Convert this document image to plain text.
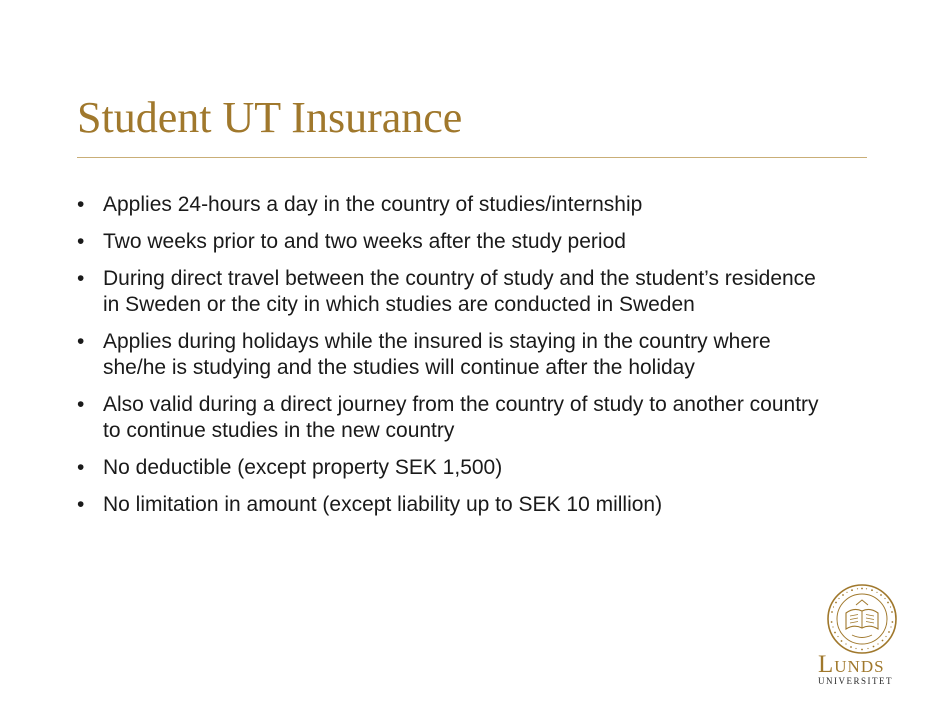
Student UT Insurance
• Applies 24-hours a day in the country of studies/internship
• Two weeks prior to and two weeks after the study period
• During direct travel between the country of study and the student’s residence in Sweden or the city in which studies are conducted in Sweden
• Applies during holidays while the insured is staying in the country where she/he is studying and the studies will continue after the holiday
• Also valid during a direct journey from the country of study to another country to continue studies in the new country
• No deductible (except property SEK 1,500)
• No limitation in amount (except liability up to SEK 10 million)
LUNDS
UNIVERSITET
